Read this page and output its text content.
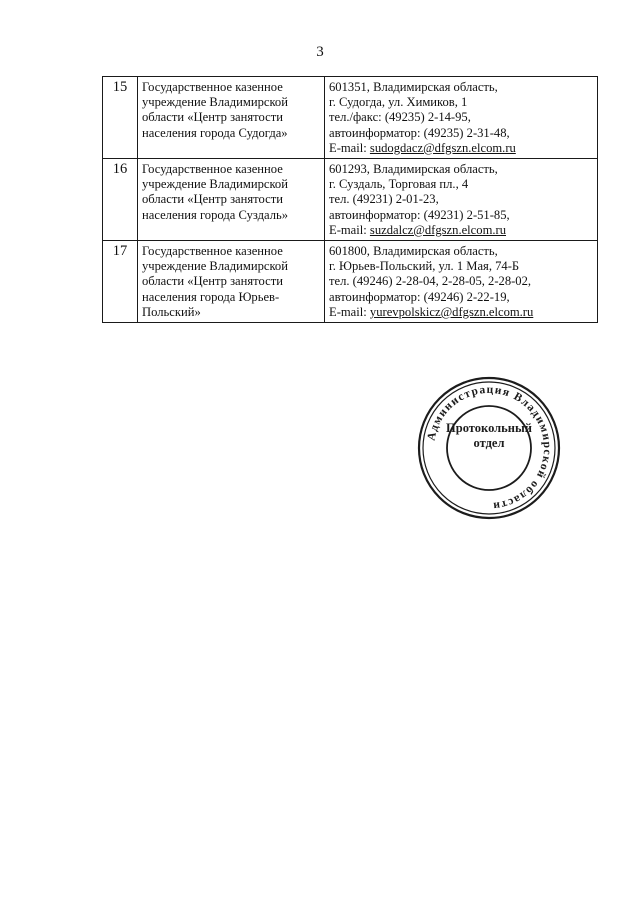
3
15	Государственное казенное
учреждение Владимирской
области «Центр занятости
населения города Судогда»	601351, Владимирская область,
г. Судогда, ул. Химиков, 1
тел./факс: (49235) 2-14-95,
автоинформатор: (49235) 2-31-48,
E-mail: sudogdacz@dfgszn.elcom.ru

16	Государственное казенное
учреждение Владимирской
области «Центр занятости
населения города Суздаль»	601293, Владимирская область,
г. Суздаль, Торговая пл., 4
тел. (49231) 2-01-23,
автоинформатор: (49231) 2-51-85,
E-mail: suzdalcz@dfgszn.elcom.ru

17	Государственное казенное
учреждение Владимирской
области «Центр занятости
населения города Юрьев-
Польский»	601800, Владимирская область,
г. Юрьев-Польский, ул. 1 Мая, 74-Б
тел. (49246) 2-28-04, 2-28-05, 2-28-02,
автоинформатор: (49246) 2-22-19,
E-mail: yurevpolskicz@dfgszn.elcom.ru
Администрация Владимирской области
Протокольный
отдел
